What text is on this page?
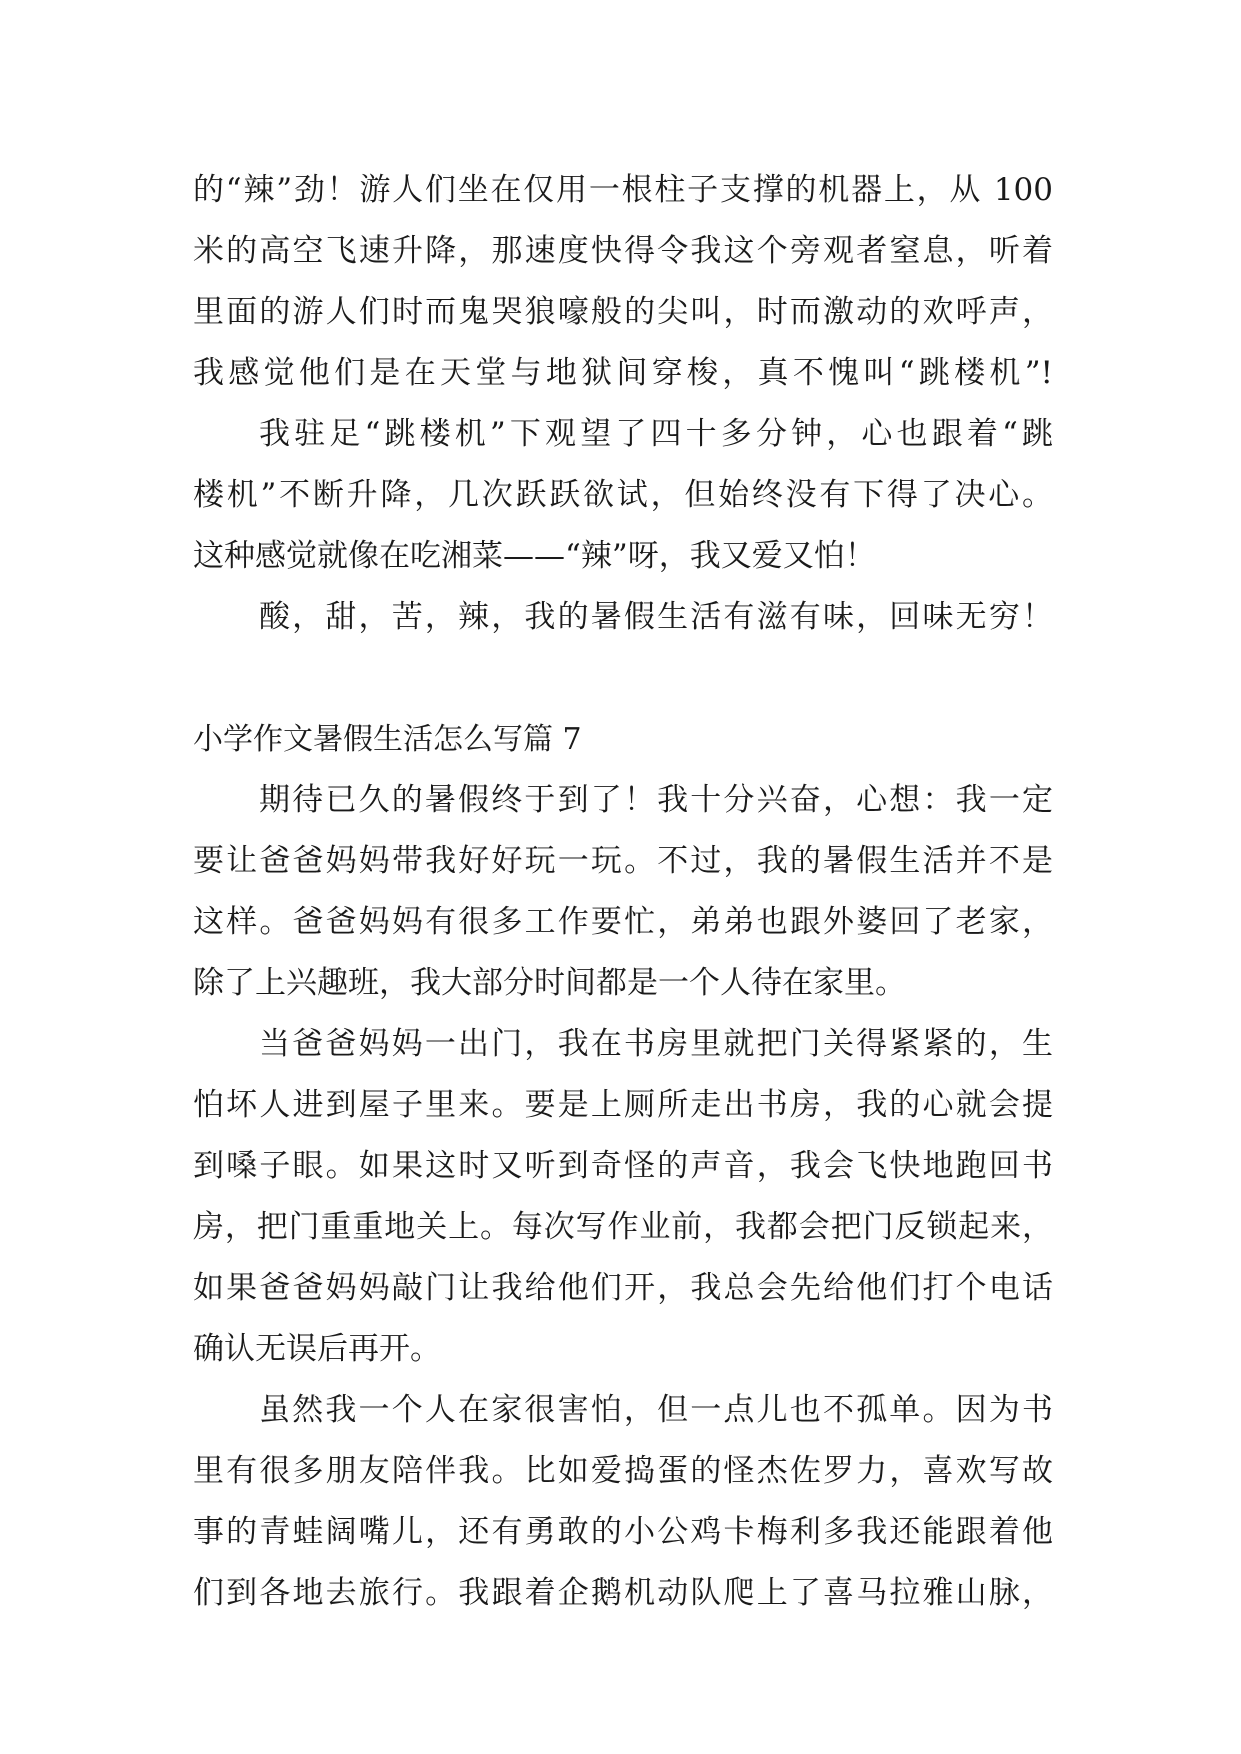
的“辣”劲！游人们坐在仅用一根柱子支撑的机器上，从 100
米的高空飞速升降，那速度快得令我这个旁观者窒息，听着
里面的游人们时而鬼哭狼嚎般的尖叫，时而激动的欢呼声，
我感觉他们是在天堂与地狱间穿梭，真不愧叫“跳楼机”!
我驻足“跳楼机”下观望了四十多分钟，心也跟着“跳
楼机”不断升降，几次跃跃欲试，但始终没有下得了决心。
这种感觉就像在吃湘菜——“辣”呀，我又爱又怕！
酸，甜，苦，辣，我的暑假生活有滋有味，回味无穷！
小学作文暑假生活怎么写篇 7
期待已久的暑假终于到了！我十分兴奋，心想：我一定
要让爸爸妈妈带我好好玩一玩。不过，我的暑假生活并不是
这样。爸爸妈妈有很多工作要忙，弟弟也跟外婆回了老家，
除了上兴趣班，我大部分时间都是一个人待在家里。
当爸爸妈妈一出门，我在书房里就把门关得紧紧的，生
怕坏人进到屋子里来。要是上厕所走出书房，我的心就会提
到嗓子眼。如果这时又听到奇怪的声音，我会飞快地跑回书
房，把门重重地关上。每次写作业前，我都会把门反锁起来，
如果爸爸妈妈敲门让我给他们开，我总会先给他们打个电话
确认无误后再开。
虽然我一个人在家很害怕，但一点儿也不孤单。因为书
里有很多朋友陪伴我。比如爱捣蛋的怪杰佐罗力，喜欢写故
事的青蛙阔嘴儿，还有勇敢的小公鸡卡梅利多我还能跟着他
们到各地去旅行。我跟着企鹅机动队爬上了喜马拉雅山脉，
